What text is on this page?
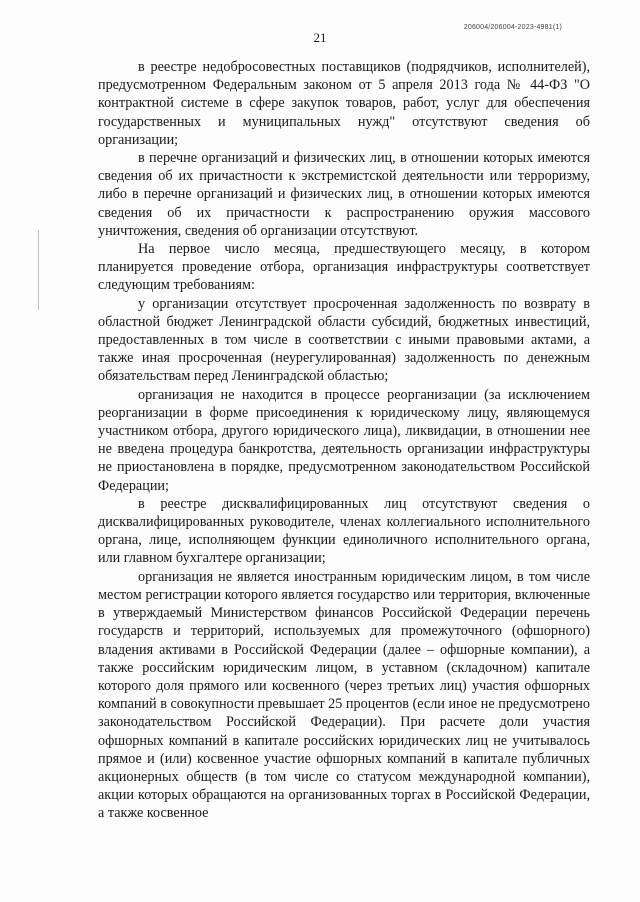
21
206004/206004-2023-4981(1)

в реестре недобросовестных поставщиков (подрядчиков, исполнителей), предусмотренном Федеральным законом от 5 апреля 2013 года № 44-ФЗ "О контрактной системе в сфере закупок товаров, работ, услуг для обеспечения государственных и муниципальных нужд" отсутствуют сведения об организации;

в перечне организаций и физических лиц, в отношении которых имеются сведения об их причастности к экстремистской деятельности или терроризму, либо в перечне организаций и физических лиц, в отношении которых имеются сведения об их причастности к распространению оружия массового уничтожения, сведения об организации отсутствуют.

На первое число месяца, предшествующего месяцу, в котором планируется проведение отбора, организация инфраструктуры соответствует следующим требованиям:

у организации отсутствует просроченная задолженность по возврату в областной бюджет Ленинградской области субсидий, бюджетных инвестиций, предоставленных в том числе в соответствии с иными правовыми актами, а также иная просроченная (неурегулированная) задолженность по денежным обязательствам перед Ленинградской областью;

организация не находится в процессе реорганизации (за исключением реорганизации в форме присоединения к юридическому лицу, являющемуся участником отбора, другого юридического лица), ликвидации, в отношении нее не введена процедура банкротства, деятельность организации инфраструктуры не приостановлена в порядке, предусмотренном законодательством Российской Федерации;

в реестре дисквалифицированных лиц отсутствуют сведения о дисквалифицированных руководителе, членах коллегиального исполнительного органа, лице, исполняющем функции единоличного исполнительного органа, или главном бухгалтере организации;

организация не является иностранным юридическим лицом, в том числе местом регистрации которого является государство или территория, включенные в утверждаемый Министерством финансов Российской Федерации перечень государств и территорий, используемых для промежуточного (офшорного) владения активами в Российской Федерации (далее – офшорные компании), а также российским юридическим лицом, в уставном (складочном) капитале которого доля прямого или косвенного (через третьих лиц) участия офшорных компаний в совокупности превышает 25 процентов (если иное не предусмотрено законодательством Российской Федерации). При расчете доли участия офшорных компаний в капитале российских юридических лиц не учитывалось прямое и (или) косвенное участие офшорных компаний в капитале публичных акционерных обществ (в том числе со статусом международной компании), акции которых обращаются на организованных торгах в Российской Федерации, а также косвенное
